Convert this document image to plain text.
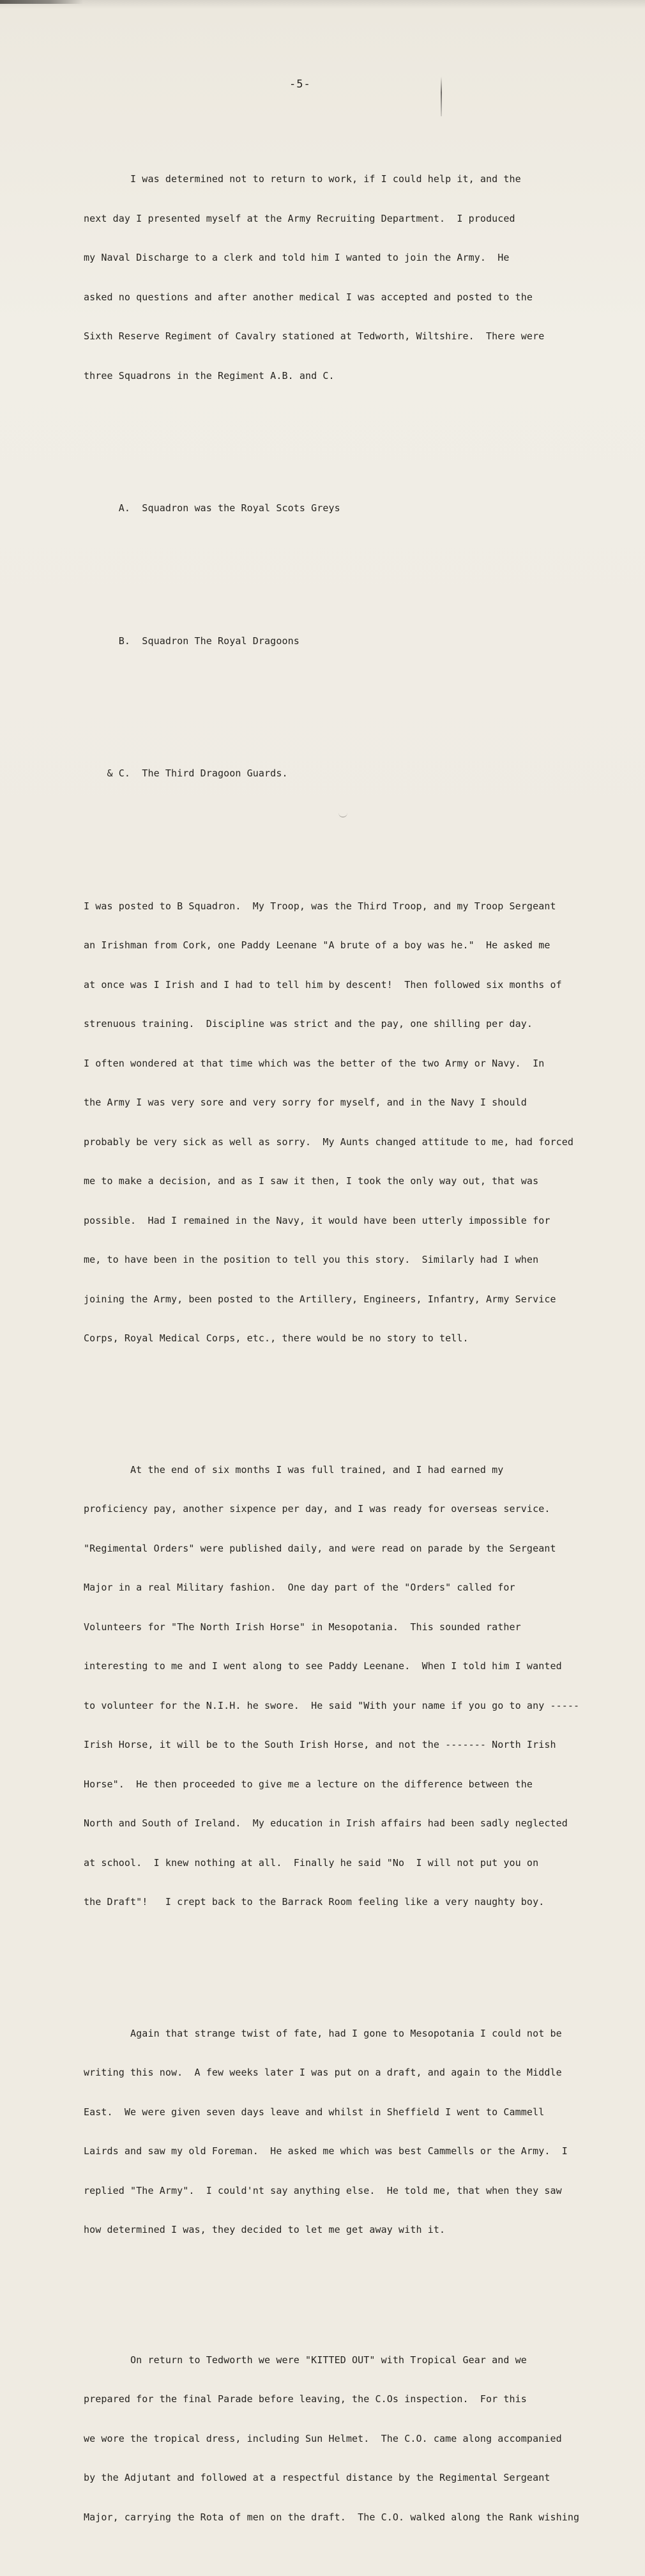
-5-

I was determined not to return to work, if I could help it, and the

next day I presented myself at the Army Recruiting Department.  I produced

my Naval Discharge to a clerk and told him I wanted to join the Army.  He

asked no questions and after another medical I was accepted and posted to the

Sixth Reserve Regiment of Cavalry stationed at Tedworth, Wiltshire.  There were

three Squadrons in the Regiment A.B. and C.

A.  Squadron was the Royal Scots Greys

B.  Squadron The Royal Dragoons

& C.  The Third Dragoon Guards.

I was posted to B Squadron.  My Troop, was the Third Troop, and my Troop Sergeant

an Irishman from Cork, one Paddy Leenane "A brute of a boy was he."  He asked me

at once was I Irish and I had to tell him by descent!  Then followed six months of

strenuous training.  Discipline was strict and the pay, one shilling per day.

I often wondered at that time which was the better of the two Army or Navy.  In

the Army I was very sore and very sorry for myself, and in the Navy I should

probably be very sick as well as sorry.  My Aunts changed attitude to me, had forced

me to make a decision, and as I saw it then, I took the only way out, that was

possible.  Had I remained in the Navy, it would have been utterly impossible for

me, to have been in the position to tell you this story.  Similarly had I when

joining the Army, been posted to the Artillery, Engineers, Infantry, Army Service

Corps, Royal Medical Corps, etc., there would be no story to tell.

At the end of six months I was full trained, and I had earned my

proficiency pay, another sixpence per day, and I was ready for overseas service.

"Regimental Orders" were published daily, and were read on parade by the Sergeant

Major in a real Military fashion.  One day part of the "Orders" called for

Volunteers for "The North Irish Horse" in Mesopotania.  This sounded rather

interesting to me and I went along to see Paddy Leenane.  When I told him I wanted

to volunteer for the N.I.H. he swore.  He said "With your name if you go to any -----

Irish Horse, it will be to the South Irish Horse, and not the ------- North Irish

Horse".  He then proceeded to give me a lecture on the difference between the

North and South of Ireland.  My education in Irish affairs had been sadly neglected

at school.  I knew nothing at all.  Finally he said "No  I will not put you on

the Draft"!   I crept back to the Barrack Room feeling like a very naughty boy.

Again that strange twist of fate, had I gone to Mesopotania I could not be

writing this now.  A few weeks later I was put on a draft, and again to the Middle

East.  We were given seven days leave and whilst in Sheffield I went to Cammell

Lairds and saw my old Foreman.  He asked me which was best Cammells or the Army.  I

replied "The Army".  I could'nt say anything else.  He told me, that when they saw

how determined I was, they decided to let me get away with it.

On return to Tedworth we were "KITTED OUT" with Tropical Gear and we

prepared for the final Parade before leaving, the C.Os inspection.  For this

we wore the tropical dress, including Sun Helmet.  The C.O. came along accompanied

by the Adjutant and followed at a respectful distance by the Regimental Sergeant

Major, carrying the Rota of men on the draft.  The C.O. walked along the Rank wishing
